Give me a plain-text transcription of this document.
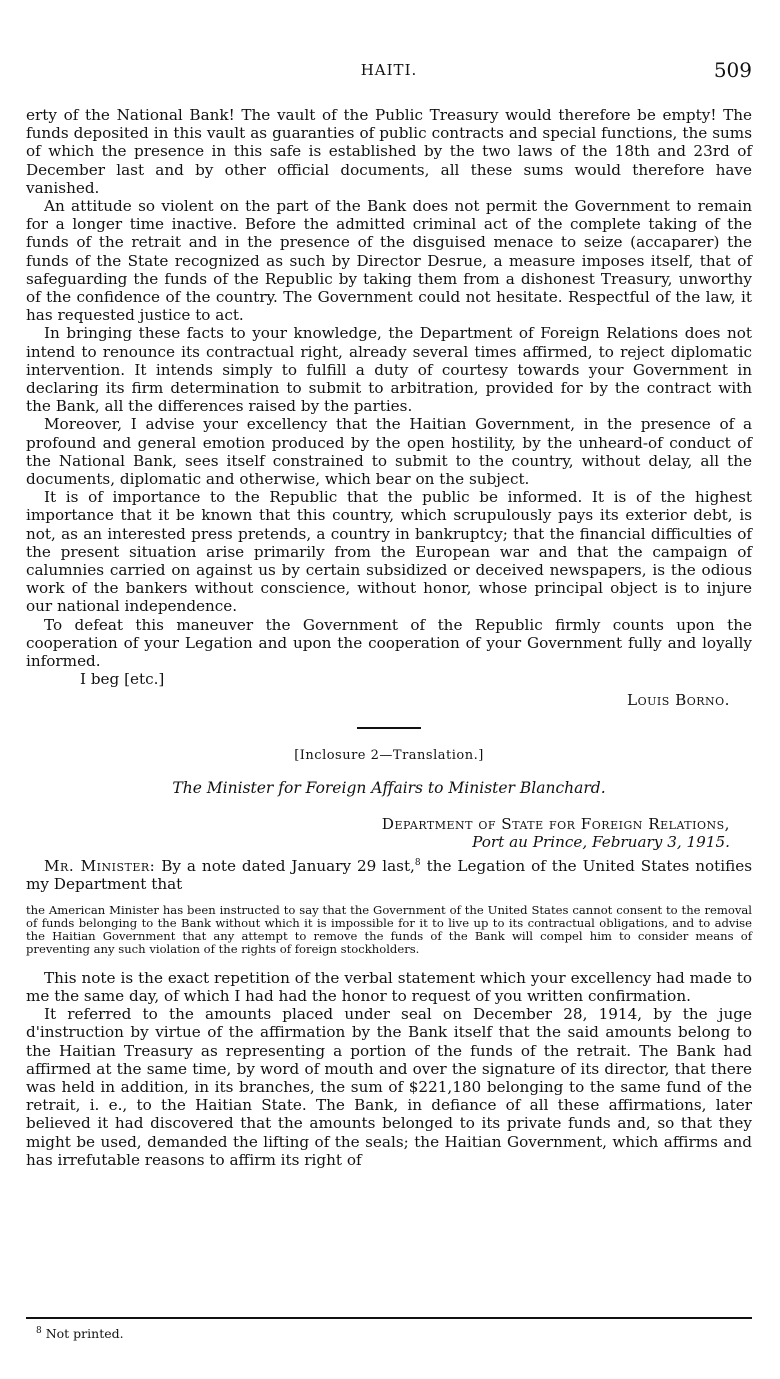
HAITI.	509

erty of the National Bank! The vault of the Public Treasury would therefore be empty! The funds deposited in this vault as guaranties of public contracts and special functions, the sums of which the presence in this safe is established by the two laws of the 18th and 23rd of December last and by other official documents, all these sums would therefore have vanished.

An attitude so violent on the part of the Bank does not permit the Government to remain for a longer time inactive. Before the admitted criminal act of the complete taking of the funds of the retrait and in the presence of the disguised menace to seize (accaparer) the funds of the State recognized as such by Director Desrue, a measure imposes itself, that of safeguarding the funds of the Republic by taking them from a dishonest Treasury, unworthy of the confidence of the country. The Government could not hesitate. Respectful of the law, it has requested justice to act.

In bringing these facts to your knowledge, the Department of Foreign Relations does not intend to renounce its contractual right, already several times affirmed, to reject diplomatic intervention. It intends simply to fulfill a duty of courtesy towards your Government in declaring its firm determination to submit to arbitration, provided for by the contract with the Bank, all the differences raised by the parties.

Moreover, I advise your excellency that the Haitian Government, in the presence of a profound and general emotion produced by the open hostility, by the unheard-of conduct of the National Bank, sees itself constrained to submit to the country, without delay, all the documents, diplomatic and otherwise, which bear on the subject.

It is of importance to the Republic that the public be informed. It is of the highest importance that it be known that this country, which scrupulously pays its exterior debt, is not, as an interested press pretends, a country in bankruptcy; that the financial difficulties of the present situation arise primarily from the European war and that the campaign of calumnies carried on against us by certain subsidized or deceived newspapers, is the odious work of the bankers without conscience, without honor, whose principal object is to injure our national independence.

To defeat this maneuver the Government of the Republic firmly counts upon the cooperation of your Legation and upon the cooperation of your Government fully and loyally informed.

I beg [etc.]

Louis Borno.

[Inclosure 2—Translation.]

The Minister for Foreign Affairs to Minister Blanchard.

Department of State for Foreign Relations,

Port au Prince, February 3, 1915.

Mr. Minister: By a note dated January 29 last,$^8$ the Legation of the United States notifies my Department that

the American Minister has been instructed to say that the Government of the United States cannot consent to the removal of funds belonging to the Bank without which it is impossible for it to live up to its contractual obligations, and to advise the Haitian Government that any attempt to remove the funds of the Bank will compel him to consider means of preventing any such violation of the rights of foreign stockholders.

This note is the exact repetition of the verbal statement which your excellency had made to me the same day, of which I had had the honor to request of you written confirmation.

It referred to the amounts placed under seal on December 28, 1914, by the juge d'instruction by virtue of the affirmation by the Bank itself that the said amounts belong to the Haitian Treasury as representing a portion of the funds of the retrait. The Bank had affirmed at the same time, by word of mouth and over the signature of its director, that there was held in addition, in its branches, the sum of $221,180 belonging to the same fund of the retrait, i. e., to the Haitian State. The Bank, in defiance of all these affirmations, later believed it had discovered that the amounts belonged to its private funds and, so that they might be used, demanded the lifting of the seals; the Haitian Government, which affirms and has irrefutable reasons to affirm its right of

$^8$ Not printed.
